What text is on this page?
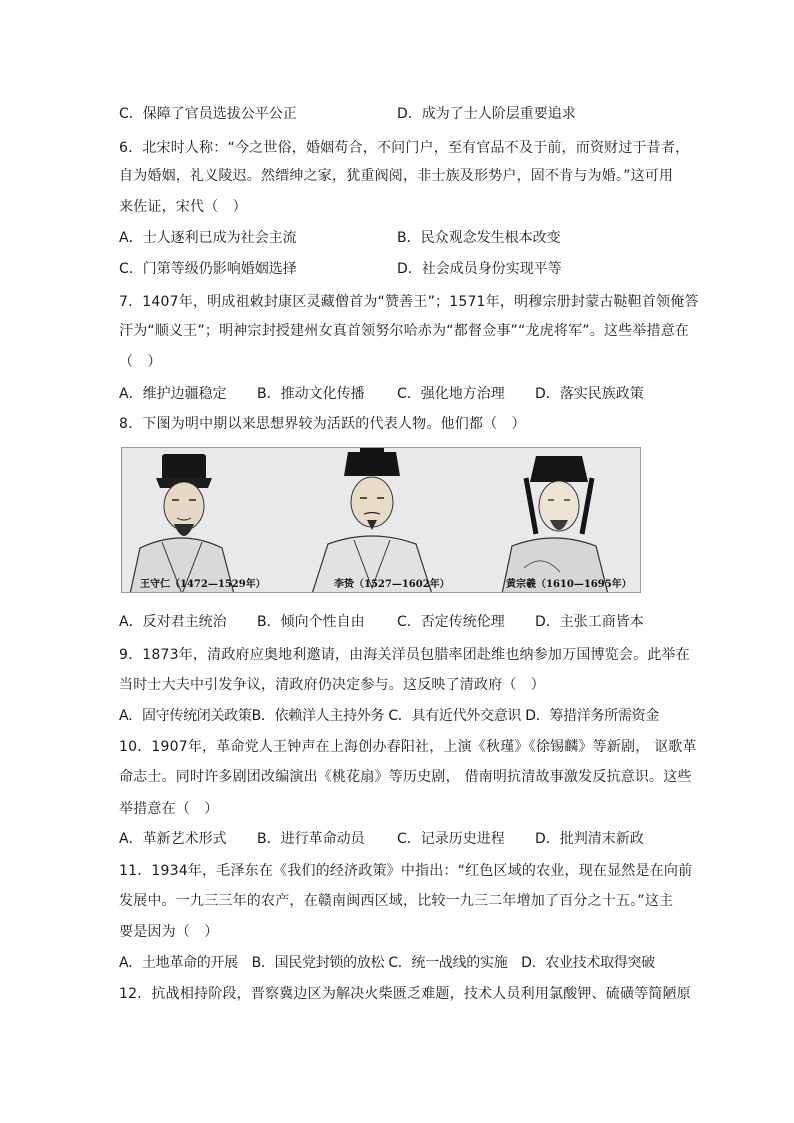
C．保障了官员选拔公平公正	D．成为了士人阶层重要追求
6．北宋时人称：“今之世俗，婚姻苟合，不问门户，至有官品不及于前，而资财过于昔者，
自为婚姻，礼义陵迟。然缙绅之家，犹重阀阅，非士族及形势户，固不肯与为婚。”这可用
来佐证，宋代（　）
A．士人逐利已成为社会主流	B．民众观念发生根本改变
C．门第等级仍影响婚姻选择	D．社会成员身份实现平等
7．1407年，明成祖敕封康区灵藏僧首为“赞善王”；1571年，明穆宗册封蒙古鞑靼首领俺答
汗为“顺义王”；明神宗封授建州女真首领努尔哈赤为“都督佥事”“龙虎将军”。这些举措意在
（　）
A．维护边疆稳定 B．推动文化传播 C．强化地方治理 D．落实民族政策
8．下图为明中期以来思想界较为活跃的代表人物。他们都（　）
· · ·
王守仁（1472—1529年）	李贽（1527—1602年）	黄宗羲（1610—1695年）
A．反对君主统治 B．倾向个性自由 C．否定传统伦理 D．主张工商皆本
9．1873年，清政府应奥地利邀请，由海关洋员包腊率团赴维也纳参加万国博览会。此举在
当时士大夫中引发争议，清政府仍决定参与。这反映了清政府（　）
A．固守传统闭关政策B．依赖洋人主持外务 C．具有近代外交意识 D．筹措洋务所需资金
10．1907年，革命党人王钟声在上海创办春阳社，上演《秋瑾》《徐锡麟》等新剧， 讴歌革
命志士。同时许多剧团改编演出《桃花扇》等历史剧， 借南明抗清故事激发反抗意识。这些
举措意在（　）
A．革新艺术形式 B．进行革命动员 C．记录历史进程 D．批判清末新政
11．1934年，毛泽东在《我们的经济政策》中指出：“红色区域的农业，现在显然是在向前
发展中。一九三三年的农产，在赣南闽西区域，比较一九三二年增加了百分之十五。”这主
要是因为（　）
A．土地革命的开展　B．国民党封锁的放松 C．统一战线的实施　D．农业技术取得突破
12．抗战相持阶段，晋察冀边区为解决火柴匮乏难题，技术人员利用氯酸钾、硫磺等简陋原
